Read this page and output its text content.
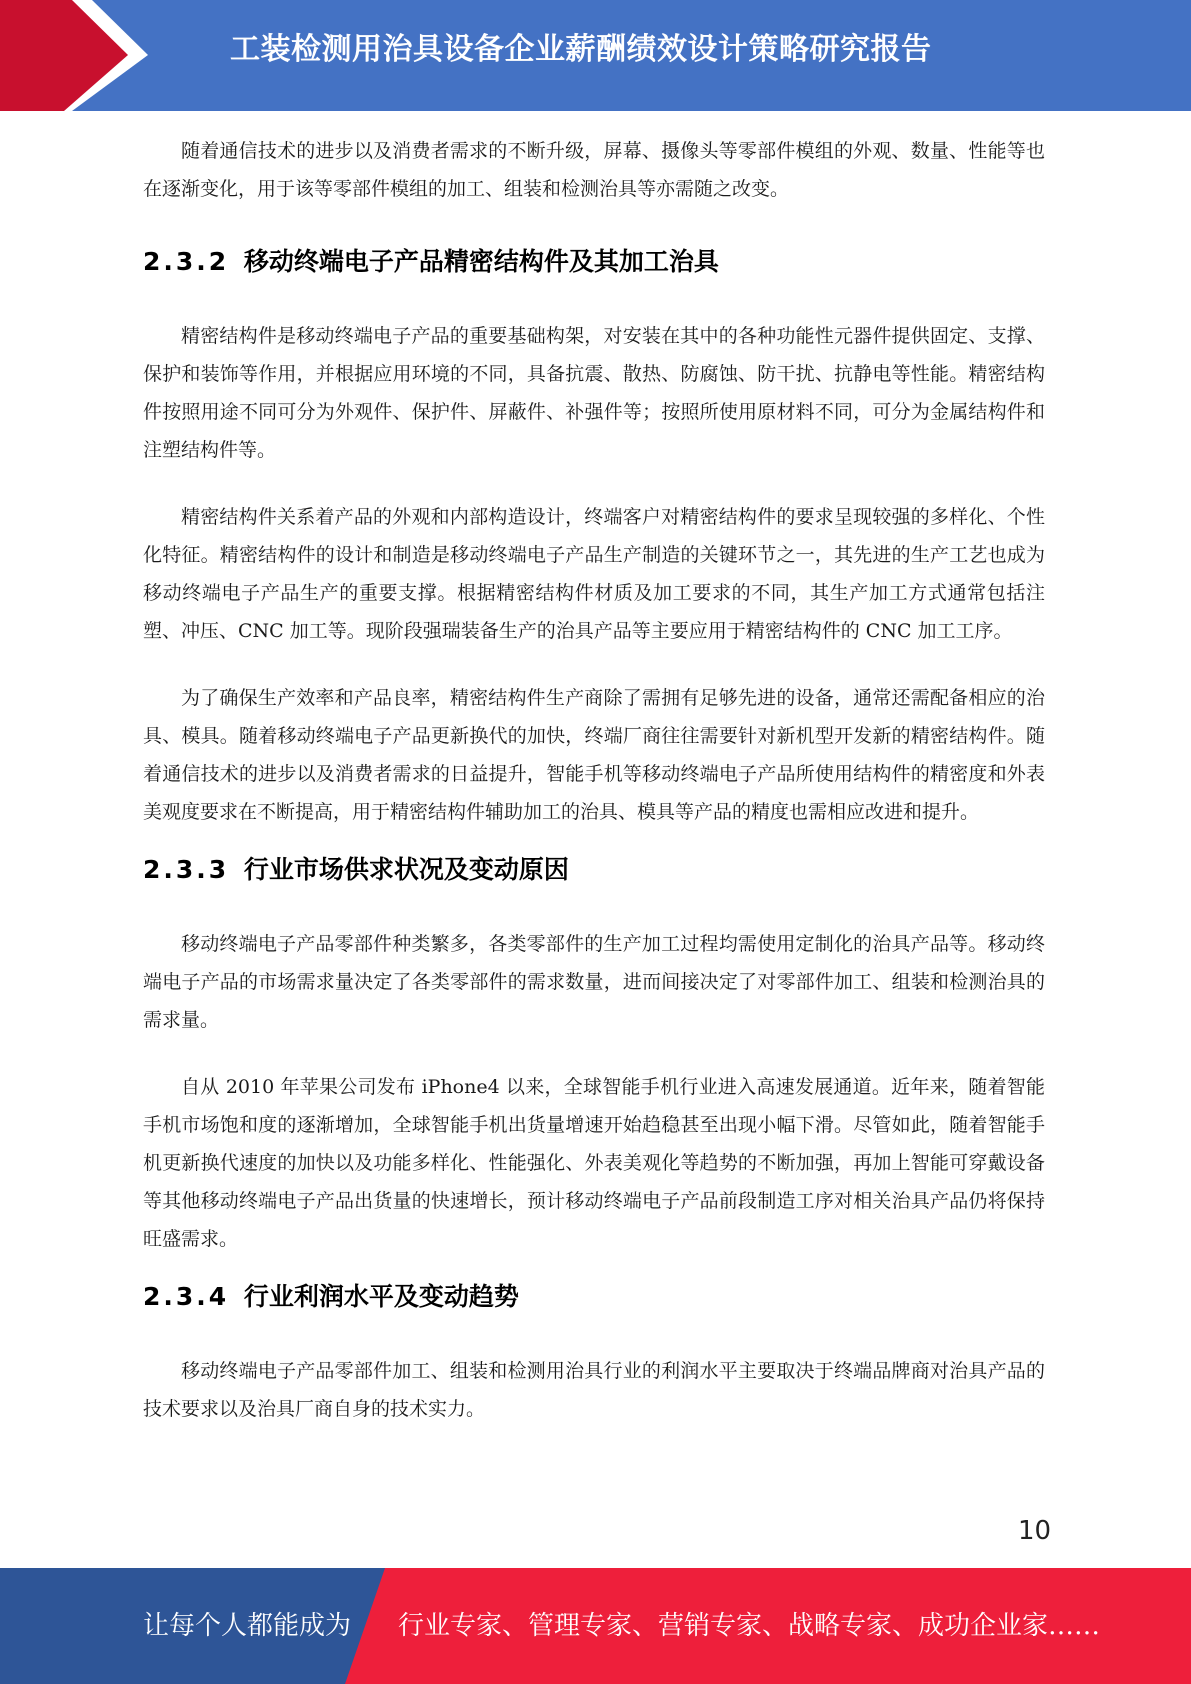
工装检测用治具设备企业薪酬绩效设计策略研究报告

随着通信技术的进步以及消费者需求的不断升级，屏幕、摄像头等零部件模组的外观、数量、性能等也在逐渐变化，用于该等零部件模组的加工、组装和检测治具等亦需随之改变。

2.3.2 移动终端电子产品精密结构件及其加工治具

精密结构件是移动终端电子产品的重要基础构架，对安装在其中的各种功能性元器件提供固定、支撑、保护和装饰等作用，并根据应用环境的不同，具备抗震、散热、防腐蚀、防干扰、抗静电等性能。精密结构件按照用途不同可分为外观件、保护件、屏蔽件、补强件等；按照所使用原材料不同，可分为金属结构件和注塑结构件等。

精密结构件关系着产品的外观和内部构造设计，终端客户对精密结构件的要求呈现较强的多样化、个性化特征。精密结构件的设计和制造是移动终端电子产品生产制造的关键环节之一，其先进的生产工艺也成为移动终端电子产品生产的重要支撑。根据精密结构件材质及加工要求的不同，其生产加工方式通常包括注塑、冲压、CNC 加工等。现阶段强瑞装备生产的治具产品等主要应用于精密结构件的 CNC 加工工序。

为了确保生产效率和产品良率，精密结构件生产商除了需拥有足够先进的设备，通常还需配备相应的治具、模具。随着移动终端电子产品更新换代的加快，终端厂商往往需要针对新机型开发新的精密结构件。随着通信技术的进步以及消费者需求的日益提升，智能手机等移动终端电子产品所使用结构件的精密度和外表美观度要求在不断提高，用于精密结构件辅助加工的治具、模具等产品的精度也需相应改进和提升。

2.3.3 行业市场供求状况及变动原因

移动终端电子产品零部件种类繁多，各类零部件的生产加工过程均需使用定制化的治具产品等。移动终端电子产品的市场需求量决定了各类零部件的需求数量，进而间接决定了对零部件加工、组装和检测治具的需求量。

自从 2010 年苹果公司发布 iPhone4 以来，全球智能手机行业进入高速发展通道。近年来，随着智能手机市场饱和度的逐渐增加，全球智能手机出货量增速开始趋稳甚至出现小幅下滑。尽管如此，随着智能手机更新换代速度的加快以及功能多样化、性能强化、外表美观化等趋势的不断加强，再加上智能可穿戴设备等其他移动终端电子产品出货量的快速增长，预计移动终端电子产品前段制造工序对相关治具产品仍将保持旺盛需求。

2.3.4 行业利润水平及变动趋势

移动终端电子产品零部件加工、组装和检测用治具行业的利润水平主要取决于终端品牌商对治具产品的技术要求以及治具厂商自身的技术实力。

10
让每个人都能成为 行业专家、管理专家、营销专家、战略专家、成功企业家……
